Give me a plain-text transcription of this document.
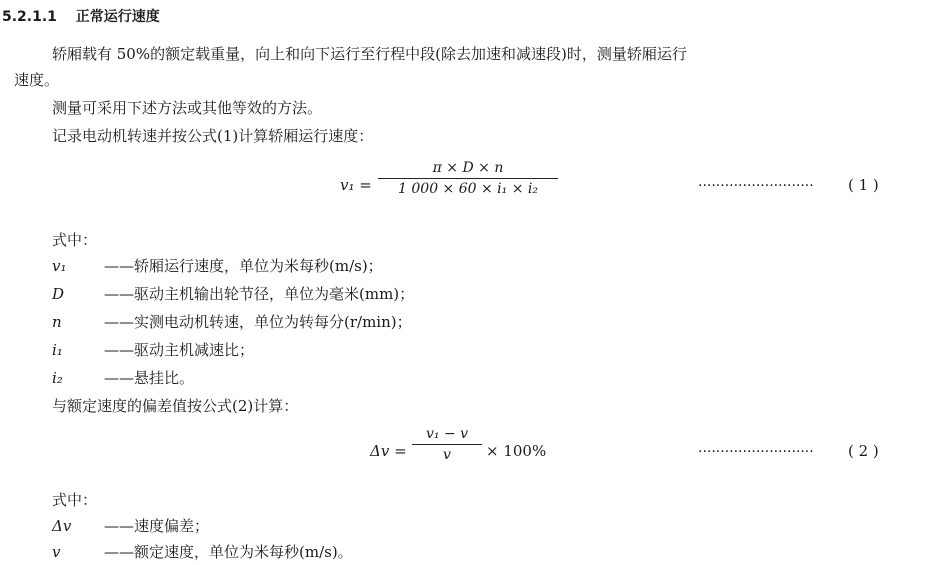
5.2.1.1 正常运行速度
轿厢载有 50%的额定载重量，向上和向下运行至行程中段(除去加速和减速段)时，测量轿厢运行
速度。
测量可采用下述方法或其他等效的方法。
记录电动机转速并按公式(1)计算轿厢运行速度：
$v_1 = \frac{\pi \times D \times n}{\text{1 000 × 60 × i₁ × i₂}}$	·························· ( 1 )
式中：
v₁	——轿厢运行速度，单位为米每秒(m/s)；
D	——驱动主机输出轮节径，单位为毫米(mm)；
n	——实测电动机转速，单位为转每分(r/min)；
i₁	——驱动主机减速比；
i₂	——悬挂比。
与额定速度的偏差值按公式(2)计算：
$\Delta v = \frac{\text{v₁ − v}}{v} \times 100\%$	·························· ( 2 )
式中：
Δv ——速度偏差；
v	——额定速度，单位为米每秒(m/s)。
